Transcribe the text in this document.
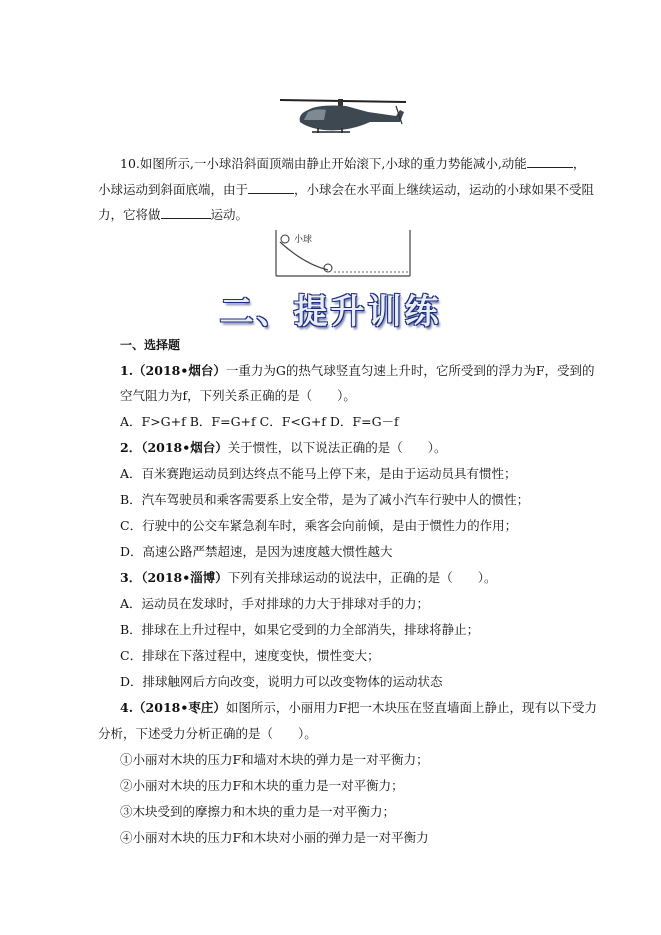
10.如图所示,一小球沿斜面顶端由静止开始滚下,小球的重力势能减小,动能	，
小球运动到斜面底端，由于	，小球会在水平面上继续运动，运动的小球如果不受阻
力，它将做	运动。
小球
二、提升训练
一、选择题
1.（2018•烟台）一重力为G的热气球竖直匀速上升时，它所受到的浮力为F，受到的
空气阻力为f，下列关系正确的是（　　）。
A．F>G+f B．F=G+f C．F<G+f D．F=G－f
2．（2018•烟台）关于惯性，以下说法正确的是（　　）。
A．百米赛跑运动员到达终点不能马上停下来，是由于运动员具有惯性；
B．汽车驾驶员和乘客需要系上安全带，是为了减小汽车行驶中人的惯性；
C．行驶中的公交车紧急刹车时，乘客会向前倾，是由于惯性力的作用；
D．高速公路严禁超速，是因为速度越大惯性越大
3．（2018•淄博）下列有关排球运动的说法中，正确的是（　　）。
A．运动员在发球时，手对排球的力大于排球对手的力；
B．排球在上升过程中，如果它受到的力全部消失，排球将静止；
C．排球在下落过程中，速度变快，惯性变大；
D．排球触网后方向改变，说明力可以改变物体的运动状态
4.（2018•枣庄）如图所示，小丽用力F把一木块压在竖直墙面上静止，现有以下受力
分析，下述受力分析正确的是（　　）。
①小丽对木块的压力F和墙对木块的弹力是一对平衡力；
②小丽对木块的压力F和木块的重力是一对平衡力；
③木块受到的摩擦力和木块的重力是一对平衡力；
④小丽对木块的压力F和木块对小丽的弹力是一对平衡力
